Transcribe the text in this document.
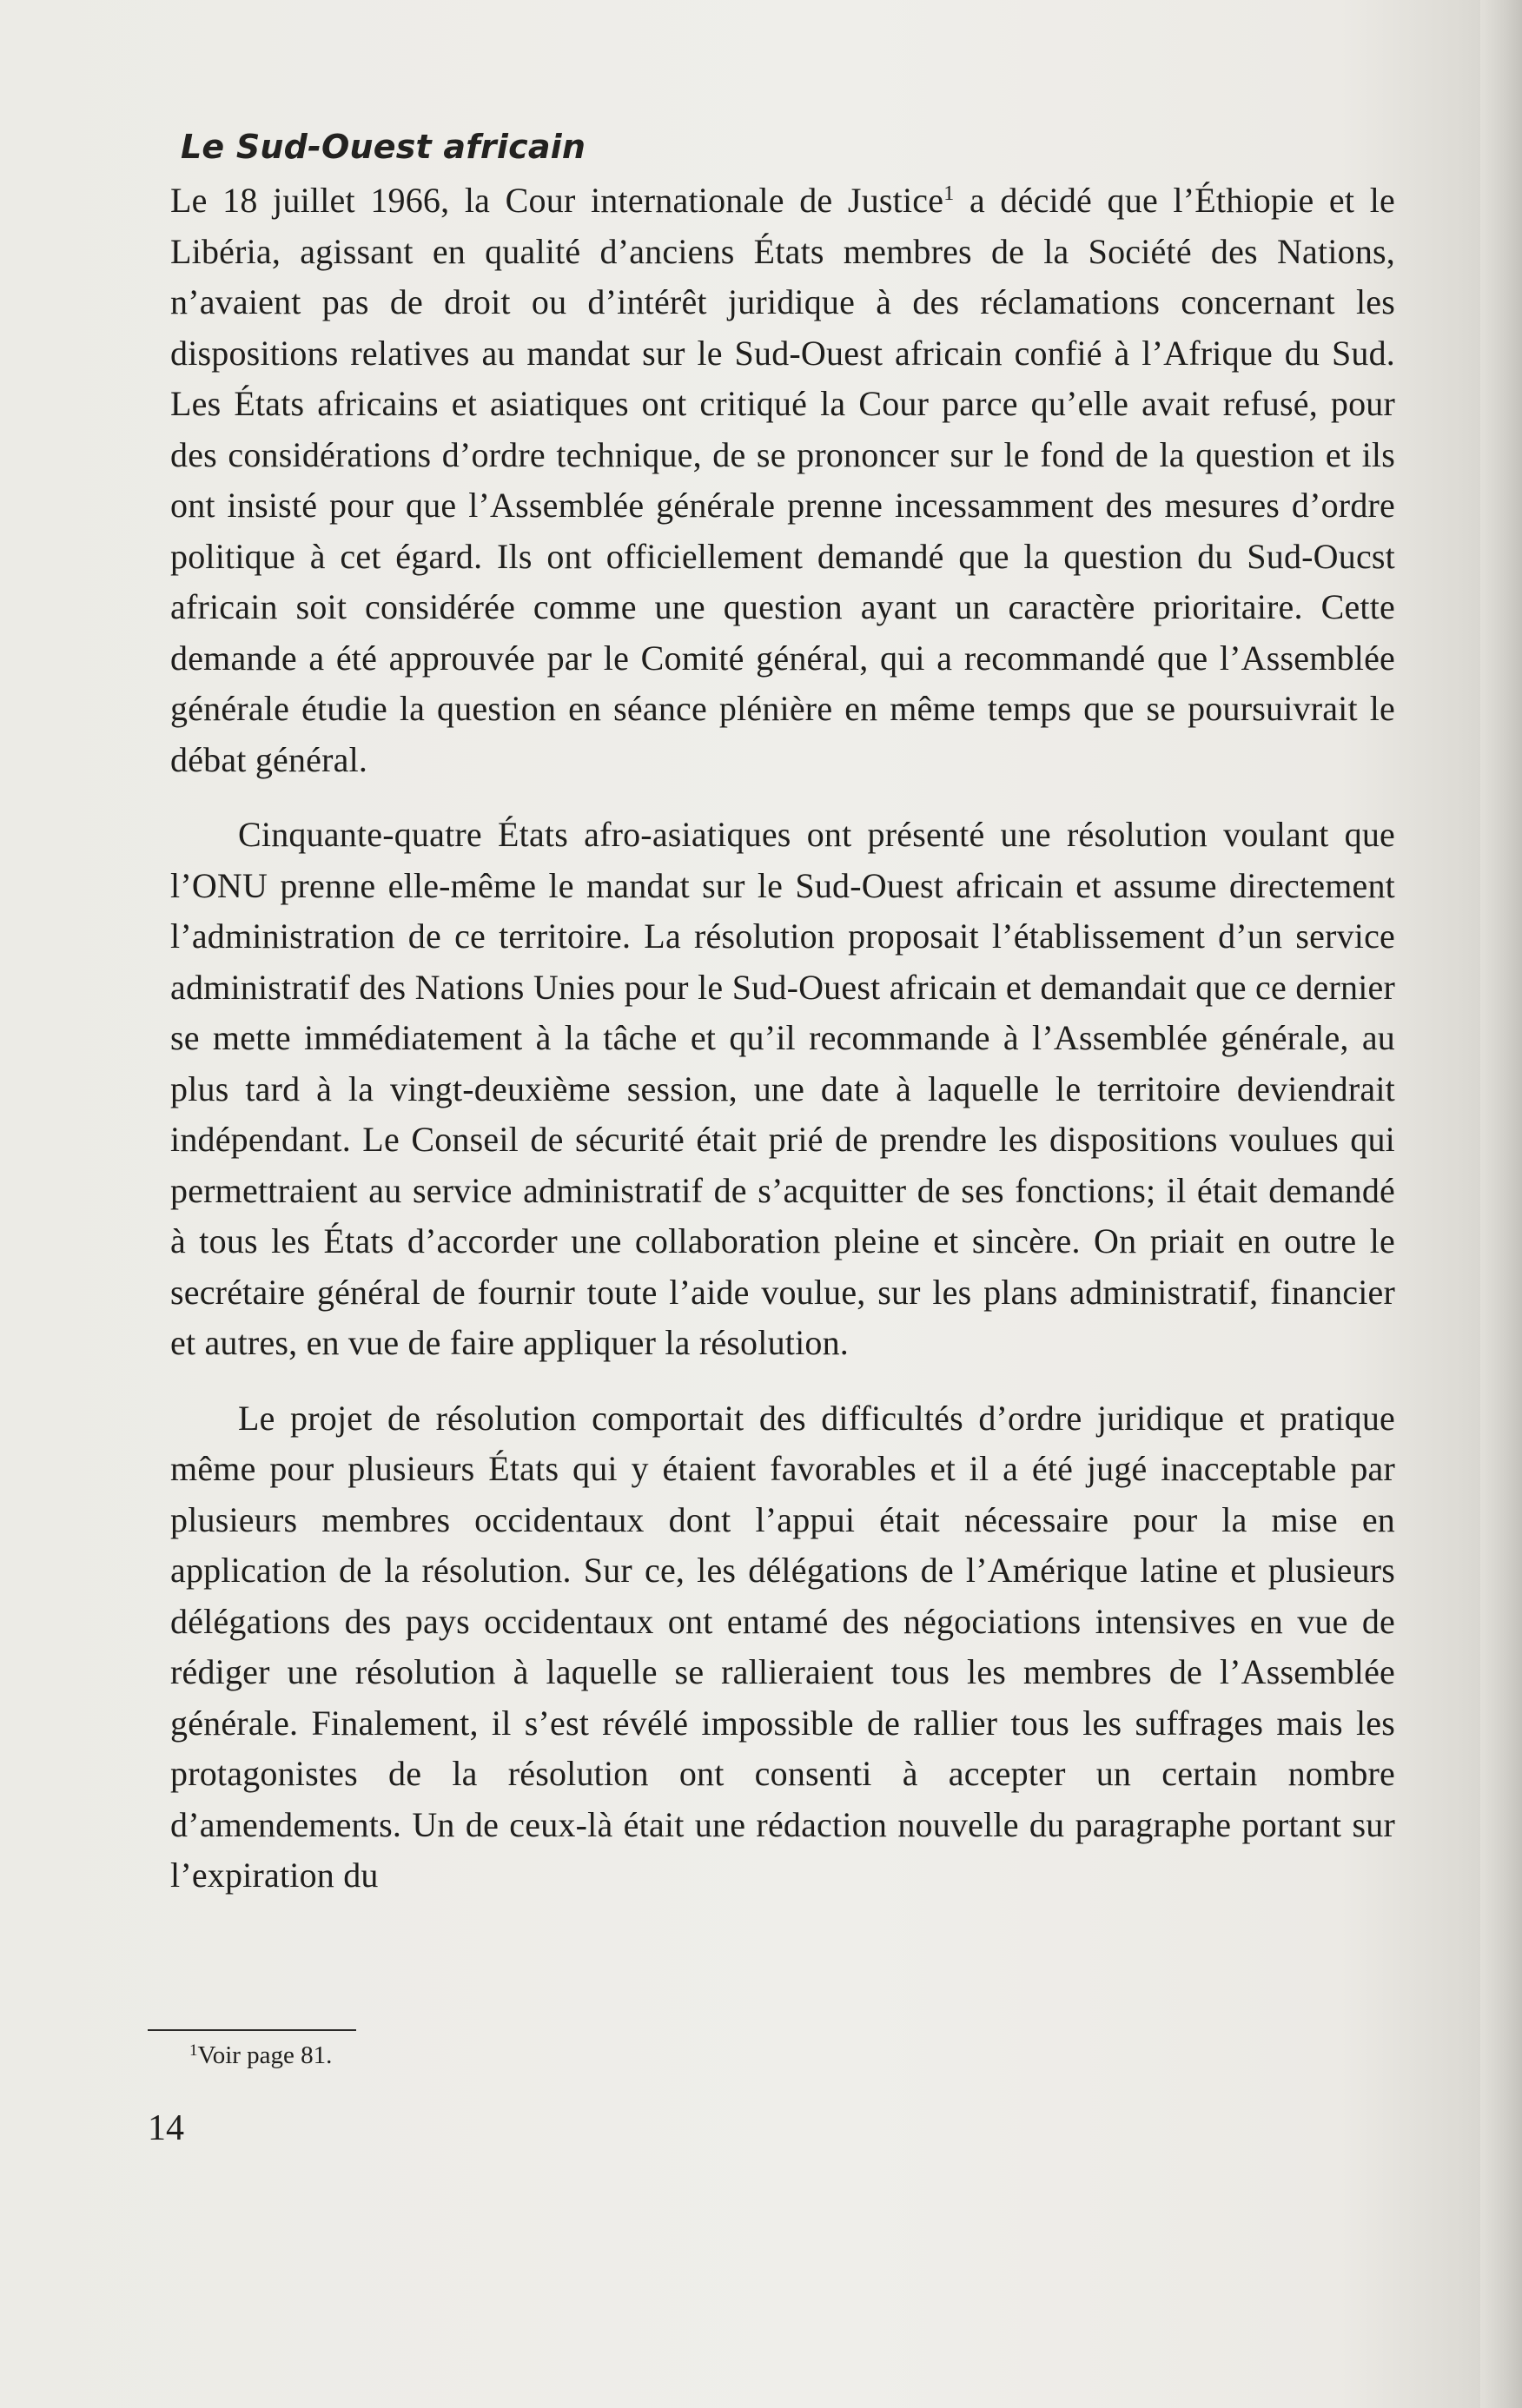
Le Sud-Ouest africain

Le 18 juillet 1966, la Cour internationale de Justice$^1$ a décidé que l’Éthiopie et le Libéria, agissant en qualité d’anciens États membres de la Société des Nations, n’avaient pas de droit ou d’intérêt juridique à des réclamations concernant les dispositions relatives au mandat sur le Sud-Ouest africain confié à l’Afrique du Sud. Les États africains et asiatiques ont critiqué la Cour parce qu’elle avait refusé, pour des considérations d’ordre technique, de se prononcer sur le fond de la question et ils ont insisté pour que l’Assemblée générale prenne incessamment des mesures d’ordre politique à cet égard. Ils ont officiellement demandé que la question du Sud-Oucst africain soit considérée comme une question ayant un caractère prioritaire. Cette demande a été approuvée par le Comité général, qui a recommandé que l’Assemblée générale étudie la question en séance plénière en même temps que se poursuivrait le débat général.

Cinquante-quatre États afro-asiatiques ont présenté une résolution voulant que l’ONU prenne elle-même le mandat sur le Sud-Ouest africain et assume directement l’administration de ce territoire. La résolution proposait l’établissement d’un service administratif des Nations Unies pour le Sud-Ouest africain et demandait que ce dernier se mette immédiatement à la tâche et qu’il recommande à l’Assemblée générale, au plus tard à la vingt-deuxième session, une date à laquelle le territoire deviendrait indépendant. Le Conseil de sécurité était prié de prendre les dispositions voulues qui permettraient au service administratif de s’acquitter de ses fonctions; il était demandé à tous les États d’accorder une collaboration pleine et sincère. On priait en outre le secrétaire général de fournir toute l’aide voulue, sur les plans administratif, financier et autres, en vue de faire appliquer la résolution.

Le projet de résolution comportait des difficultés d’ordre juridique et pratique même pour plusieurs États qui y étaient favorables et il a été jugé inacceptable par plusieurs membres occidentaux dont l’appui était nécessaire pour la mise en application de la résolution. Sur ce, les délégations de l’Amérique latine et plusieurs délégations des pays occidentaux ont entamé des négociations intensives en vue de rédiger une résolution à laquelle se rallieraient tous les membres de l’Assemblée générale. Finalement, il s’est révélé impossible de rallier tous les suffrages mais les protagonistes de la résolution ont consenti à accepter un certain nombre d’amendements. Un de ceux-là était une rédaction nouvelle du paragraphe portant sur l’expiration du

$^1$Voir page 81.
14
